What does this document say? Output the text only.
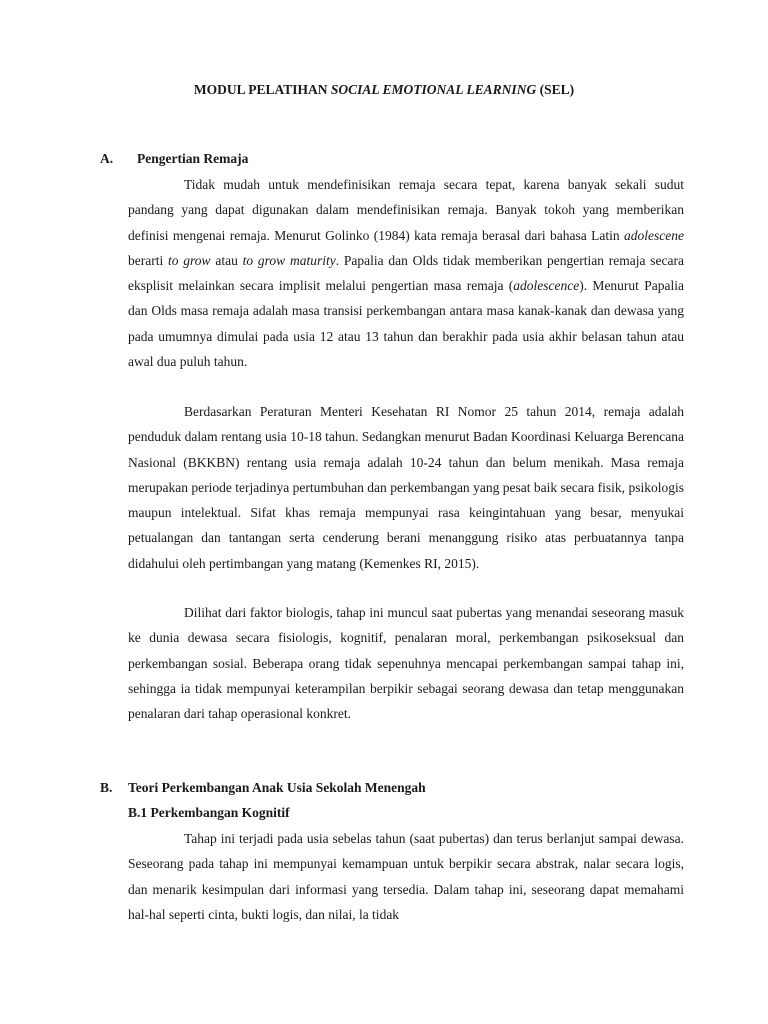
MODUL PELATIHAN SOCIAL EMOTIONAL LEARNING (SEL)
A. Pengertian Remaja

Tidak mudah untuk mendefinisikan remaja secara tepat, karena banyak sekali sudut pandang yang dapat digunakan dalam mendefinisikan remaja. Banyak tokoh yang memberikan definisi mengenai remaja. Menurut Golinko (1984) kata remaja berasal dari bahasa Latin adolescene berarti to grow atau to grow maturity. Papalia dan Olds tidak memberikan pengertian remaja secara eksplisit melainkan secara implisit melalui pengertian masa remaja (adolescence). Menurut Papalia dan Olds masa remaja adalah masa transisi perkembangan antara masa kanak-kanak dan dewasa yang pada umumnya dimulai pada usia 12 atau 13 tahun dan berakhir pada usia akhir belasan tahun atau awal dua puluh tahun.

Berdasarkan Peraturan Menteri Kesehatan RI Nomor 25 tahun 2014, remaja adalah penduduk dalam rentang usia 10-18 tahun. Sedangkan menurut Badan Koordinasi Keluarga Berencana Nasional (BKKBN) rentang usia remaja adalah 10-24 tahun dan belum menikah. Masa remaja merupakan periode terjadinya pertumbuhan dan perkembangan yang pesat baik secara fisik, psikologis maupun intelektual. Sifat khas remaja mempunyai rasa keingintahuan yang besar, menyukai petualangan dan tantangan serta cenderung berani menanggung risiko atas perbuatannya tanpa didahului oleh pertimbangan yang matang (Kemenkes RI, 2015).

Dilihat dari faktor biologis, tahap ini muncul saat pubertas yang menandai seseorang masuk ke dunia dewasa secara fisiologis, kognitif, penalaran moral, perkembangan psikoseksual dan perkembangan sosial. Beberapa orang tidak sepenuhnya mencapai perkembangan sampai tahap ini, sehingga ia tidak mempunyai keterampilan berpikir sebagai seorang dewasa dan tetap menggunakan penalaran dari tahap operasional konkret.

B. Teori Perkembangan Anak Usia Sekolah Menengah
B.1 Perkembangan Kognitif

Tahap ini terjadi pada usia sebelas tahun (saat pubertas) dan terus berlanjut sampai dewasa. Seseorang pada tahap ini mempunyai kemampuan untuk berpikir secara abstrak, nalar secara logis, dan menarik kesimpulan dari informasi yang tersedia. Dalam tahap ini, seseorang dapat memahami hal-hal seperti cinta, bukti logis, dan nilai, la tidak
